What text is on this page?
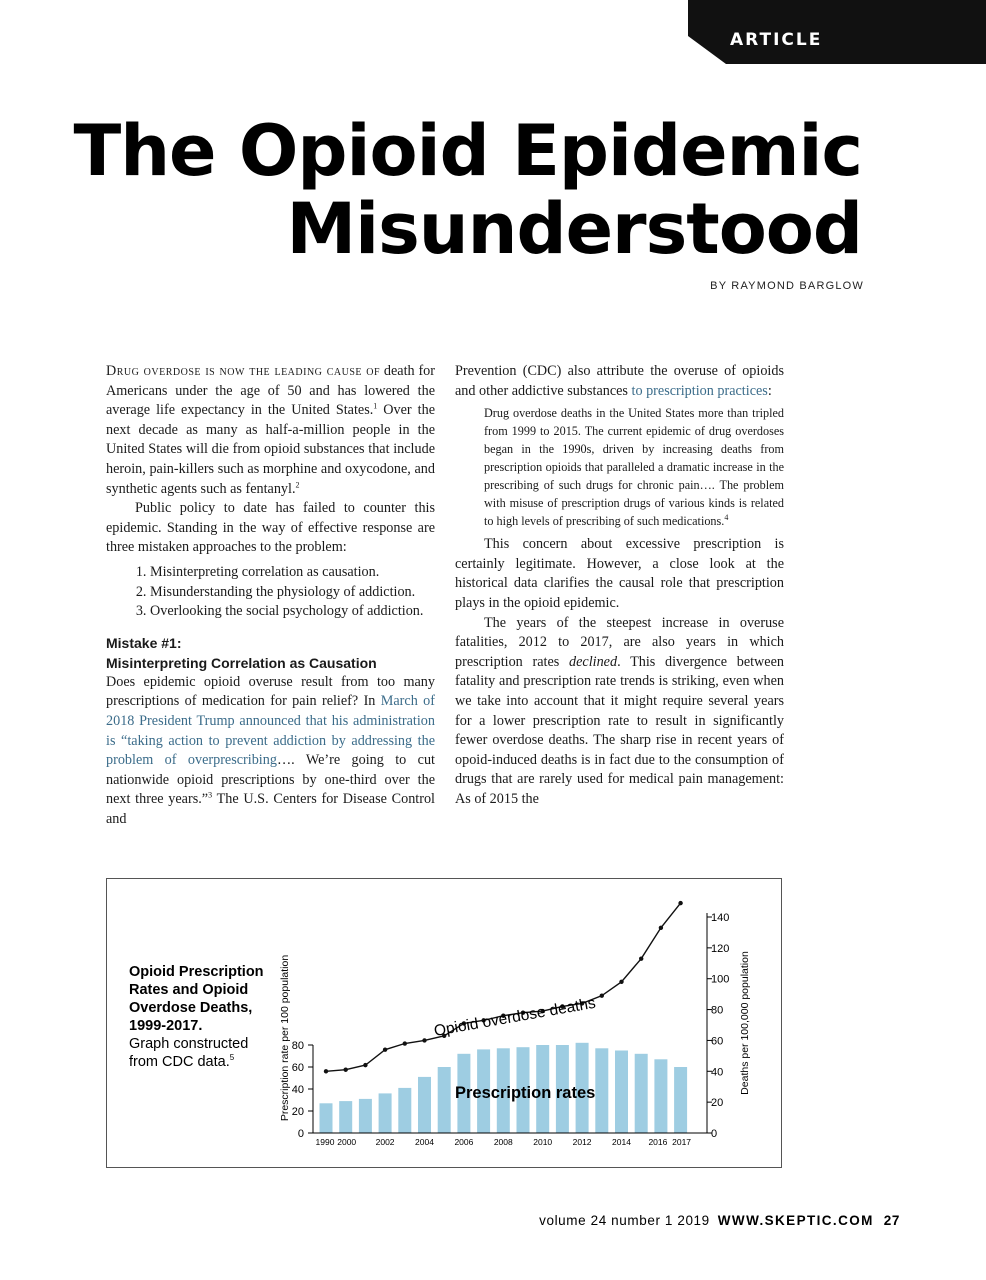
ARTICLE
The Opioid Epidemic
Misunderstood
BY RAYMOND BARGLOW

Drug overdose is now the leading cause of death for Americans under the age of 50 and has lowered the average life expectancy in the United States.$^1$ Over the next decade as many as half-a-million people in the United States will die from opioid substances that include heroin, pain-killers such as morphine and oxycodone, and synthetic agents such as fentanyl.$^2$

Public policy to date has failed to counter this epidemic. Standing in the way of effective response are three mistaken approaches to the problem:

1. Misinterpreting correlation as causation.
2. Misunderstanding the physiology of addiction.
3. Overlooking the social psychology of addiction.
Mistake #1:
Misinterpreting Correlation as Causation

Does epidemic opioid overuse result from too many prescriptions of medication for pain relief? In March of 2018 President Trump announced that his administration is “taking action to prevent addiction by addressing the problem of overprescribing…. We’re going to cut nationwide opioid prescriptions by one-third over the next three years.”$^3$ The U.S. Centers for Disease Control and

Prevention (CDC) also attribute the overuse of opioids and other addictive substances to prescription practices:

Drug overdose deaths in the United States more than tripled from 1999 to 2015. The current epidemic of drug overdoses began in the 1990s, driven by increasing deaths from prescription opioids that paralleled a dramatic increase in the prescribing of such drugs for chronic pain…. The problem with misuse of prescription drugs of various kinds is related to high levels of prescribing of such medications.$^4$

This concern about excessive prescription is certainly legitimate. However, a close look at the historical data clarifies the causal role that prescription plays in the opioid epidemic.

The years of the steepest increase in overuse fatalities, 2012 to 2017, are also years in which prescription rates declined. This divergence between fatality and prescription rate trends is striking, even when we take into account that it might require several years for a lower prescription rate to result in significantly fewer overdose deaths. The sharp rise in recent years of opoid-induced deaths is in fact due to the consumption of drugs that are rarely used for medical pain management: As of 2015 the

Opioid Prescription Rates and Opioid Overdose Deaths, 1999-2017.
Graph constructed from CDC data.$^5$
0
20
40
60
80
Prescription rate per 100 population
0
20
40
60
80
100
120
140
Deaths per 100,000 population
1990 2000 2002 2004 2006 2008 2010 2012 2014 2016 2017
Prescription rates
Opioid overdose deaths
volume 24 number 1 2019 WWW.SKEPTIC.COM 27
